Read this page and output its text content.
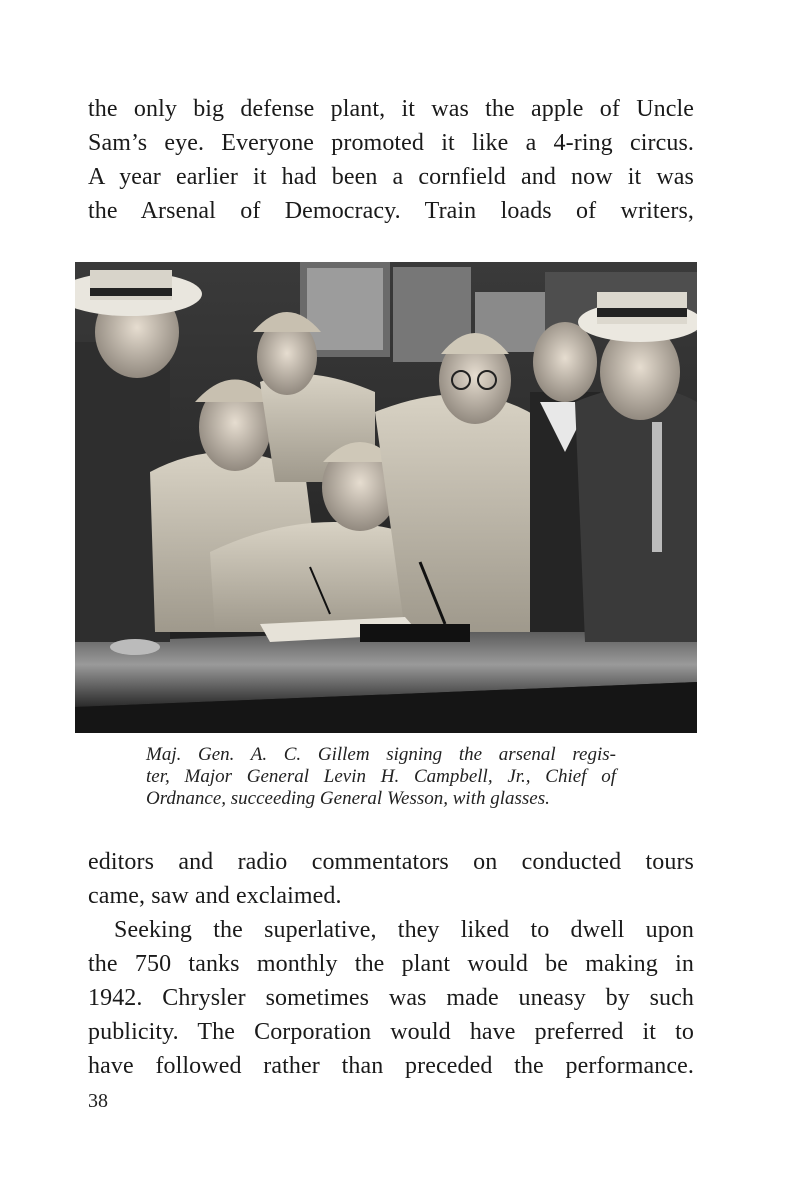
the only big defense plant, it was the apple of Uncle
Sam’s eye. Everyone promoted it like a 4-ring circus.
A year earlier it had been a cornfield and now it was
the Arsenal of Democracy. Train loads of writers,
Maj. Gen. A. C. Gillem signing the arsenal regis-
ter, Major General Levin H. Campbell, Jr., Chief of
Ordnance, succeeding General Wesson, with glasses.
editors and radio commentators on conducted tours
came, saw and exclaimed.
Seeking the superlative, they liked to dwell upon
the 750 tanks monthly the plant would be making in
1942. Chrysler sometimes was made uneasy by such
publicity. The Corporation would have preferred it to
have followed rather than preceded the performance.
38
